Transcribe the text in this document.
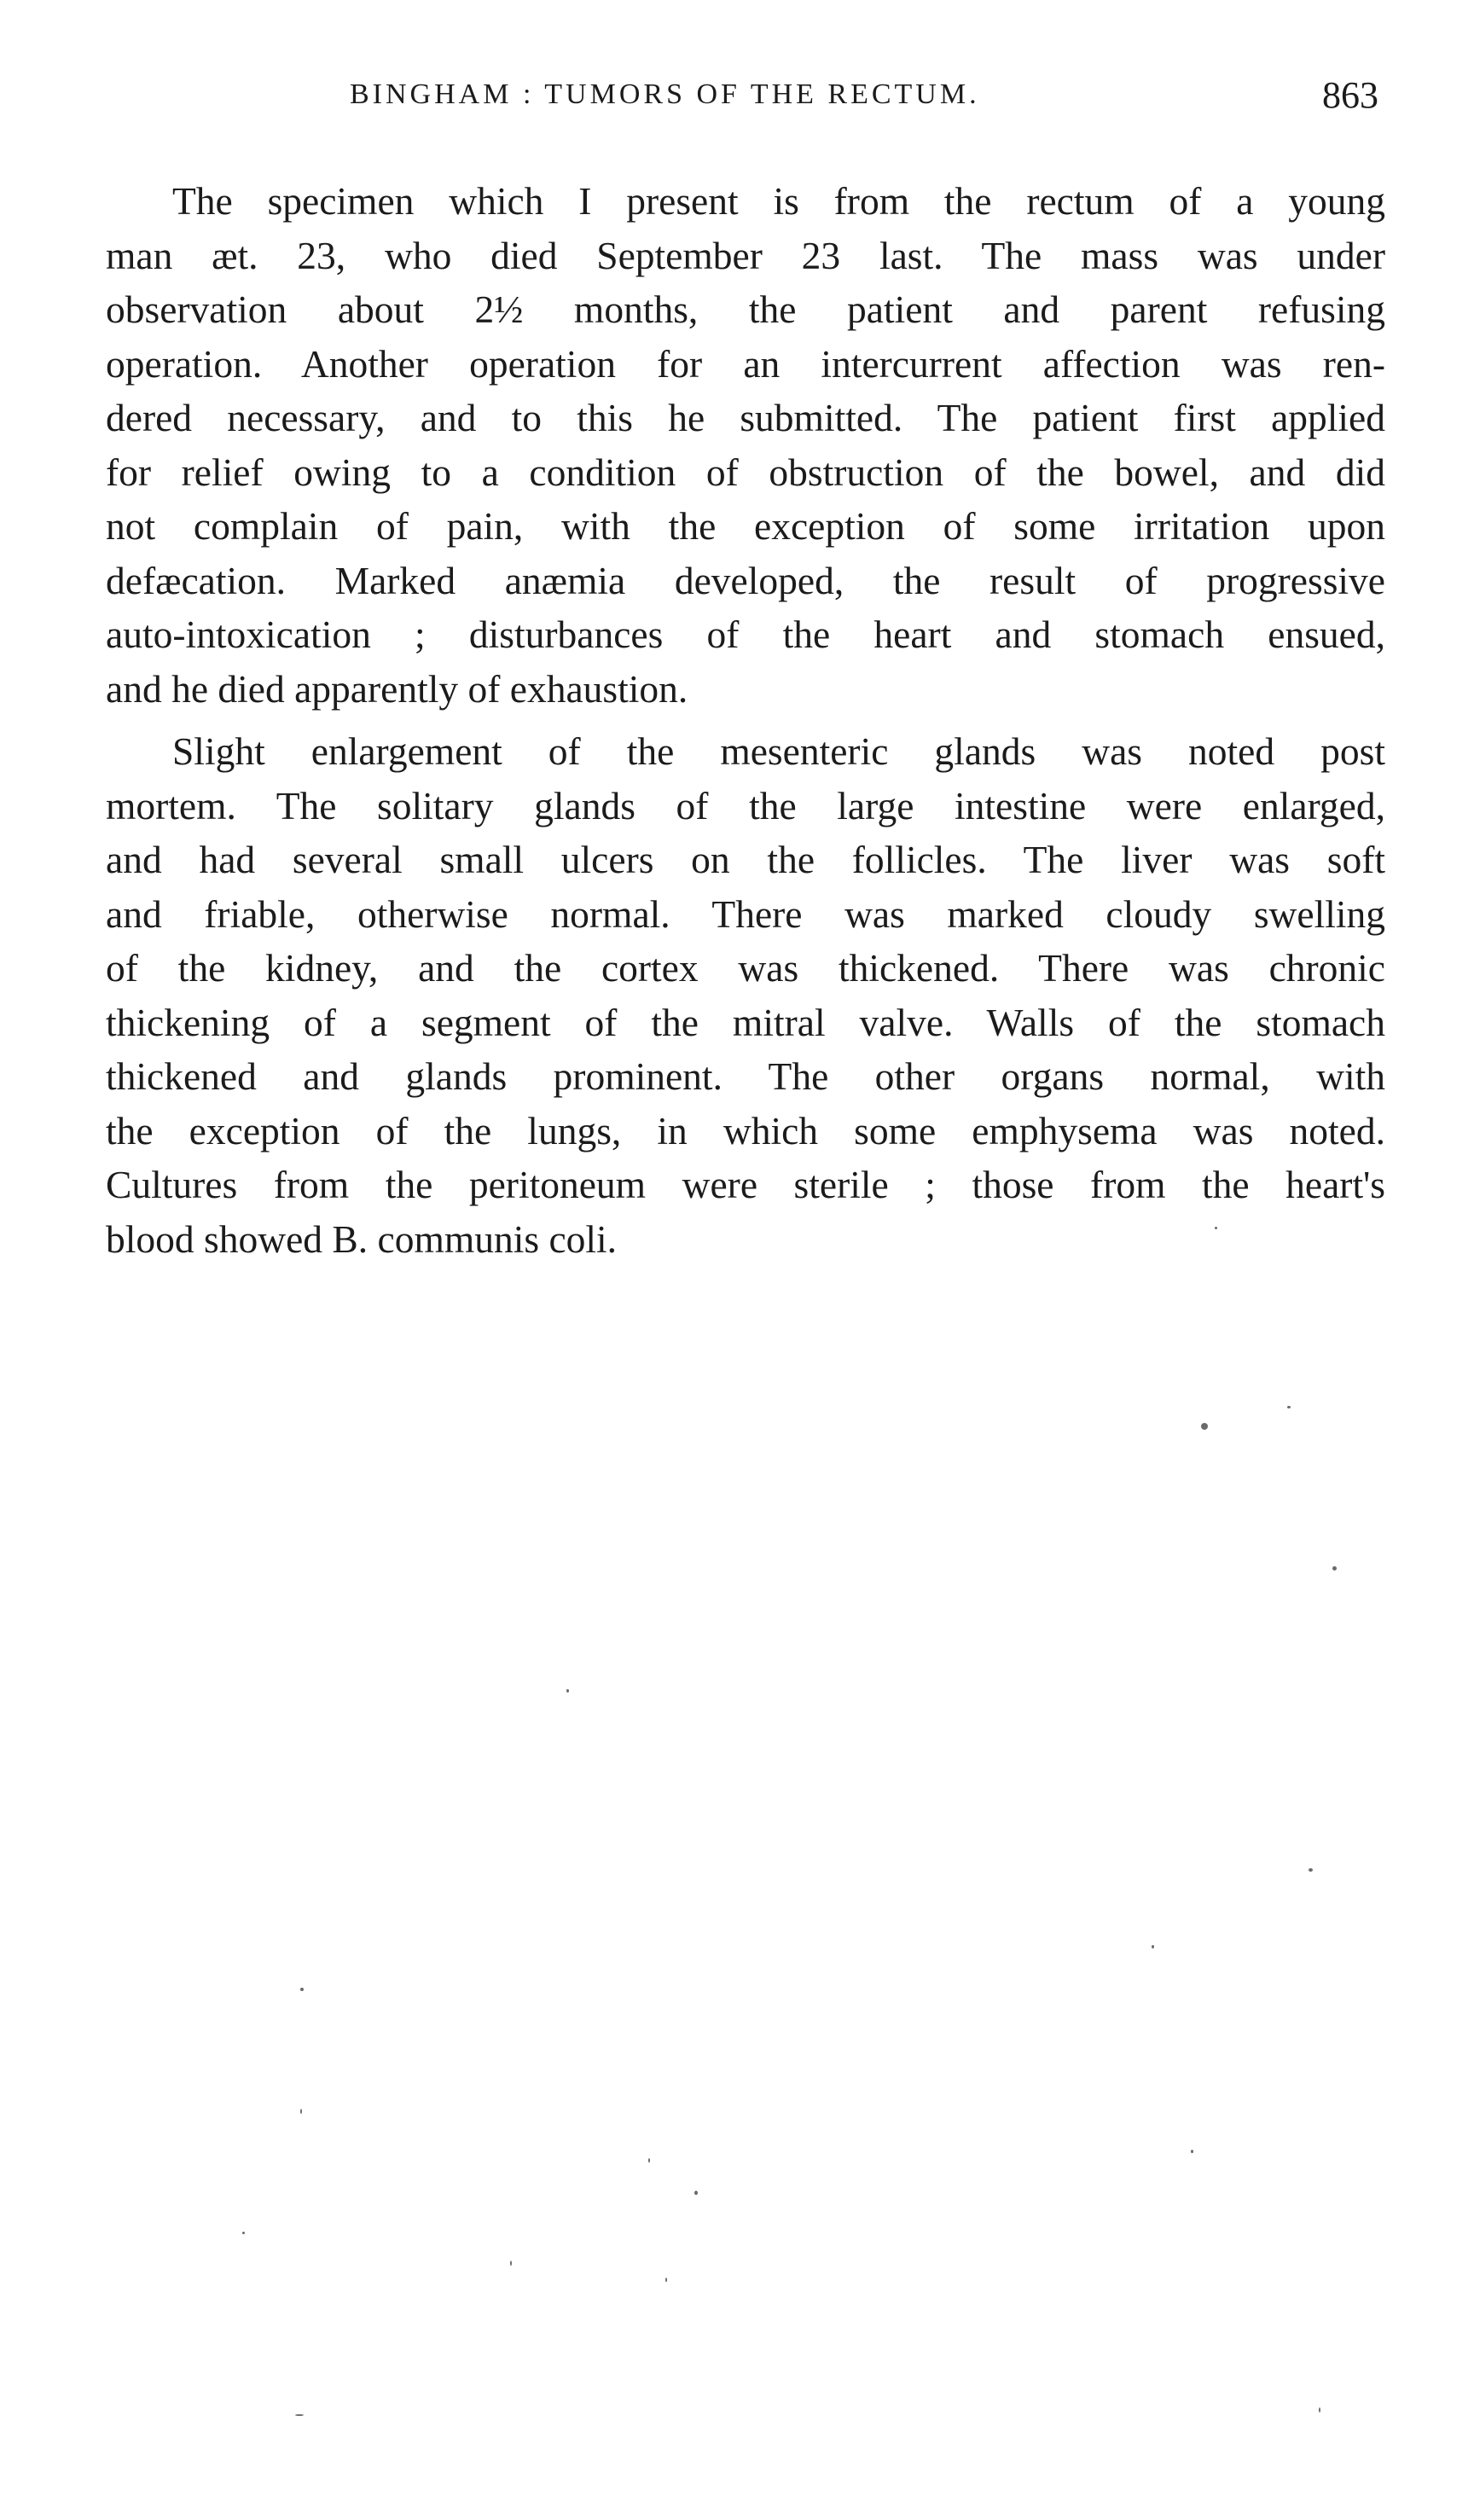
BINGHAM : TUMORS OF THE RECTUM.	863
The specimen which I present is from the rectum of a young
man æt. 23, who died September 23 last. The mass was under
observation about 2½ months, the patient and parent refusing
operation. Another operation for an intercurrent affection was ren-
dered necessary, and to this he submitted. The patient first applied
for relief owing to a condition of obstruction of the bowel, and did
not complain of pain, with the exception of some irritation upon
defæcation. Marked anæmia developed, the result of progressive
auto-intoxication ; disturbances of the heart and stomach ensued,
and he died apparently of exhaustion.
Slight enlargement of the mesenteric glands was noted post
mortem. The solitary glands of the large intestine were enlarged,
and had several small ulcers on the follicles. The liver was soft
and friable, otherwise normal. There was marked cloudy swelling
of the kidney, and the cortex was thickened. There was chronic
thickening of a segment of the mitral valve. Walls of the stomach
thickened and glands prominent. The other organs normal, with
the exception of the lungs, in which some emphysema was noted.
Cultures from the peritoneum were sterile ; those from the heart's
blood showed B. communis coli.
